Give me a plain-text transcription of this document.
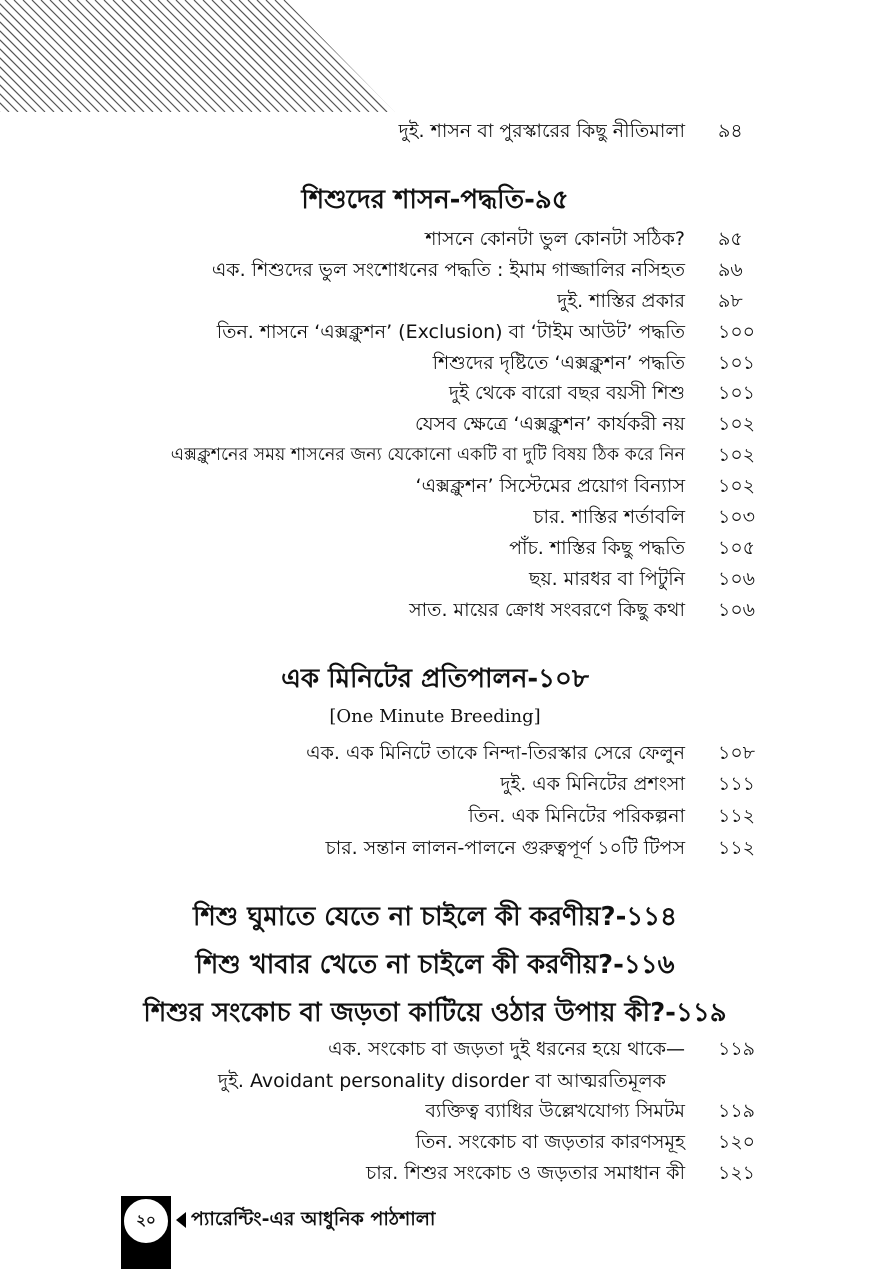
দুই. শাসন বা পুরস্কারের কিছু নীতিমালা ৯৪
শিশুদের শাসন-পদ্ধতি-৯৫
শাসনে কোনটা ভুল কোনটা সঠিক? ৯৫
এক. শিশুদের ভুল সংশোধনের পদ্ধতি : ইমাম গাজ্জালির নসিহত ৯৬
দুই. শাস্তির প্রকার ৯৮
তিন. শাসনে ‘এক্সক্লুশন’ (Exclusion) বা ‘টাইম আউট’ পদ্ধতি ১০০
শিশুদের দৃষ্টিতে ‘এক্সক্লুশন’ পদ্ধতি ১০১
দুই থেকে বারো বছর বয়সী শিশু ১০১
যেসব ক্ষেত্রে ‘এক্সক্লুশন’ কার্যকরী নয় ১০২
এক্সক্লুশনের সময় শাসনের জন্য যেকোনো একটি বা দুটি বিষয় ঠিক করে নিন ১০২
‘এক্সক্লুশন’ সিস্টেমের প্রয়োগ বিন্যাস ১০২
চার. শাস্তির শর্তাবলি ১০৩
পাঁচ. শাস্তির কিছু পদ্ধতি ১০৫
ছয়. মারধর বা পিটুনি ১০৬
সাত. মায়ের ক্রোধ সংবরণে কিছু কথা ১০৬
এক মিনিটের প্রতিপালন-১০৮
[One Minute Breeding]
এক. এক মিনিটে তাকে নিন্দা-তিরস্কার সেরে ফেলুন ১০৮
দুই. এক মিনিটের প্রশংসা ১১১
তিন. এক মিনিটের পরিকল্পনা ১১২
চার. সন্তান লালন-পালনে গুরুত্বপূর্ণ ১০টি টিপস ১১২
শিশু ঘুমাতে যেতে না চাইলে কী করণীয়?-১১৪
শিশু খাবার খেতে না চাইলে কী করণীয়?-১১৬
শিশুর সংকোচ বা জড়তা কাটিয়ে ওঠার উপায় কী?-১১৯
এক. সংকোচ বা জড়তা দুই ধরনের হয়ে থাকে— ১১৯
দুই. Avoidant personality disorder বা আত্মরতিমূলক
ব্যক্তিত্ব ব্যাধির উল্লেখযোগ্য সিমটম ১১৯
তিন. সংকোচ বা জড়তার কারণসমূহ ১২০
চার. শিশুর সংকোচ ও জড়তার সমাধান কী ১২১
২০	প্যারেন্টিং-এর আধুনিক পাঠশালা
